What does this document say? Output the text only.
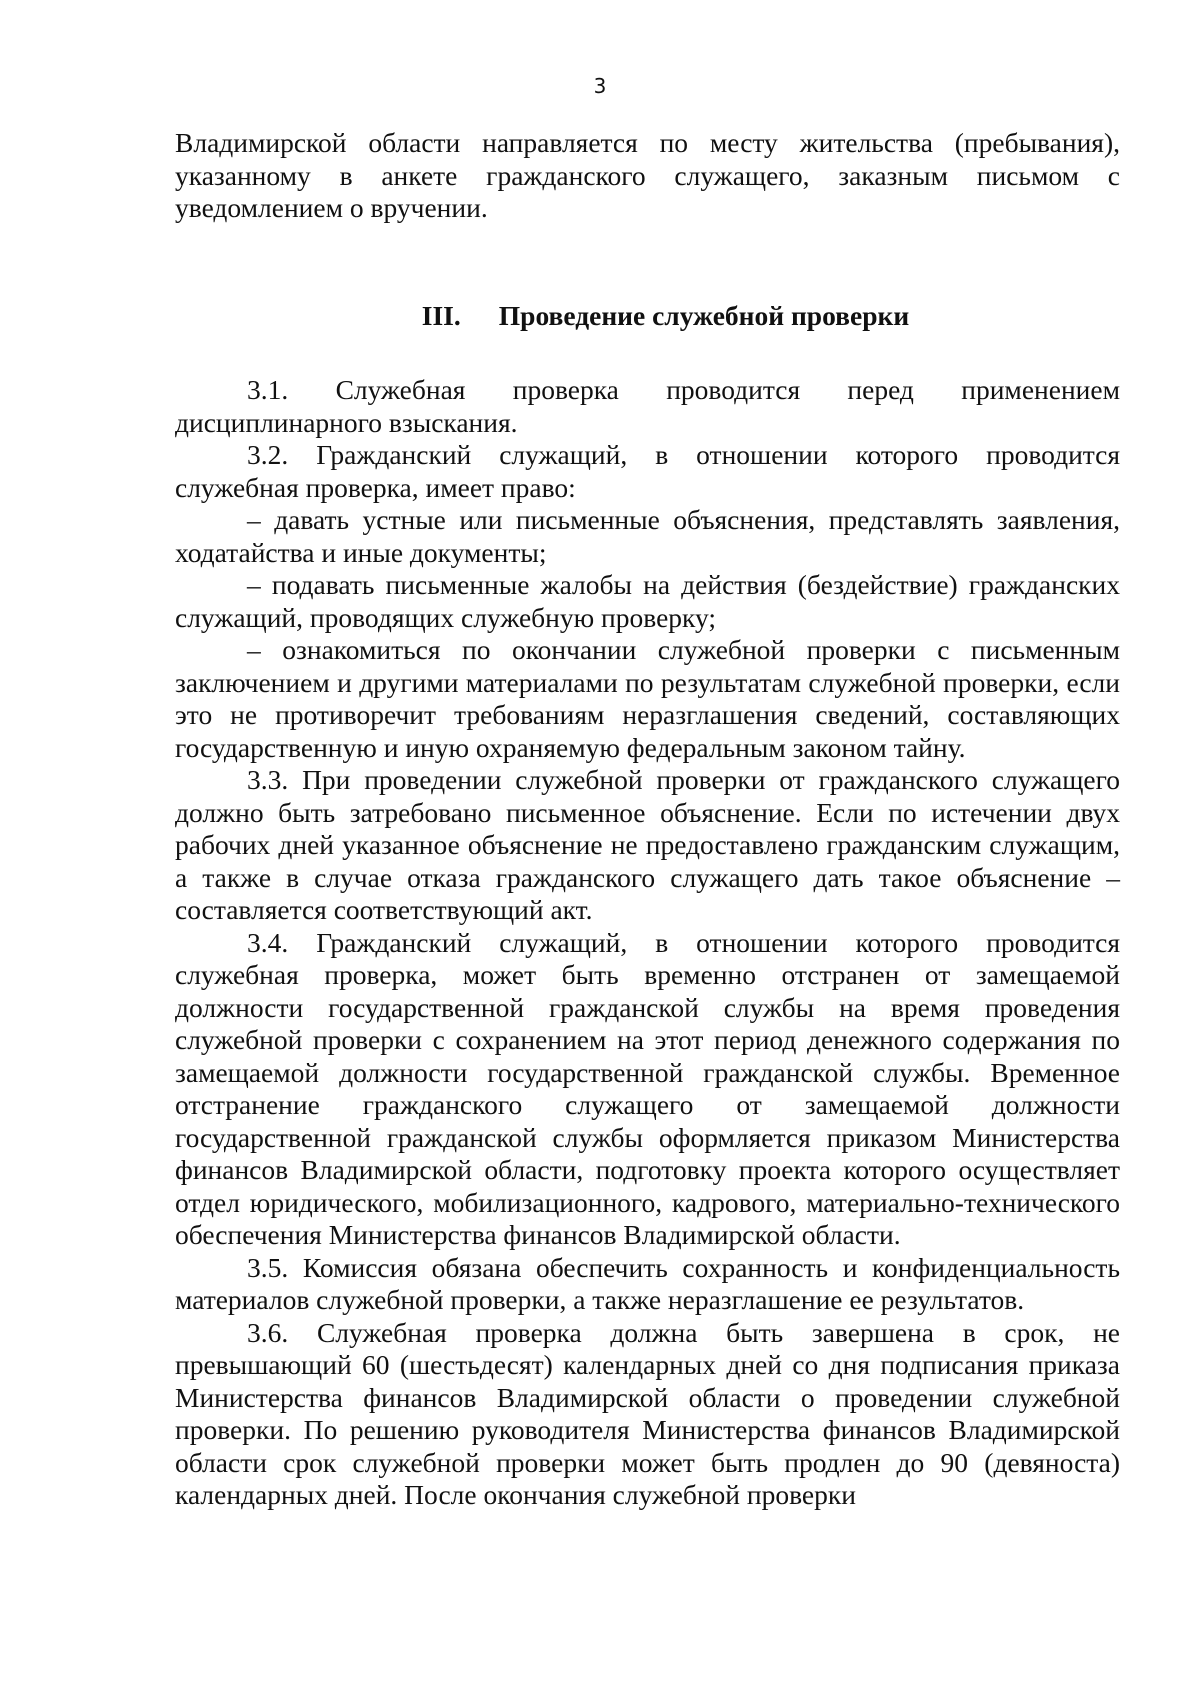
3

Владимирской области направляется по месту жительства (пребывания), указанному в анкете гражданского служащего, заказным письмом с уведомлением о вручении.

III. Проведение служебной проверки

3.1. Служебная проверка проводится перед применением дисциплинарного взыскания.

3.2. Гражданский служащий, в отношении которого проводится служебная проверка, имеет право:

– давать устные или письменные объяснения, представлять заявления, ходатайства и иные документы;

– подавать письменные жалобы на действия (бездействие) гражданских служащий, проводящих служебную проверку;

– ознакомиться по окончании служебной проверки с письменным заключением и другими материалами по результатам служебной проверки, если это не противоречит требованиям неразглашения сведений, составляющих государственную и иную охраняемую федеральным законом тайну.

3.3. При проведении служебной проверки от гражданского служащего должно быть затребовано письменное объяснение. Если по истечении двух рабочих дней указанное объяснение не предоставлено гражданским служащим, а также в случае отказа гражданского служащего дать такое объяснение – составляется соответствующий акт.

3.4. Гражданский служащий, в отношении которого проводится служебная проверка, может быть временно отстранен от замещаемой должности государственной гражданской службы на время проведения служебной проверки с сохранением на этот период денежного содержания по замещаемой должности государственной гражданской службы. Временное отстранение гражданского служащего от замещаемой должности государственной гражданской службы оформляется приказом Министерства финансов Владимирской области, подготовку проекта которого осуществляет отдел юридического, мобилизационного, кадрового, материально-технического обеспечения Министерства финансов Владимирской области.

3.5. Комиссия обязана обеспечить сохранность и конфиденциальность материалов служебной проверки, а также неразглашение ее результатов.

3.6. Служебная проверка должна быть завершена в срок, не превышающий 60 (шестьдесят) календарных дней со дня подписания приказа Министерства финансов Владимирской области о проведении служебной проверки. По решению руководителя Министерства финансов Владимирской области срок служебной проверки может быть продлен до 90 (девяноста) календарных дней. После окончания служебной проверки
